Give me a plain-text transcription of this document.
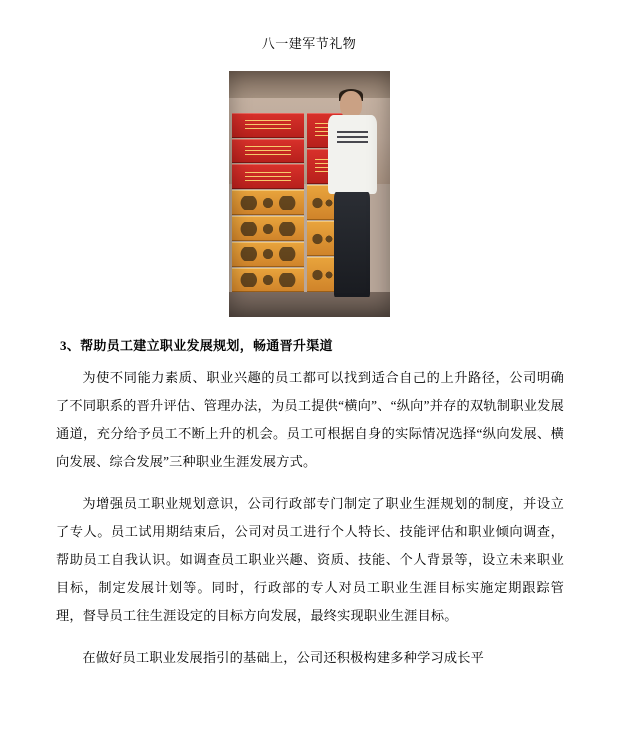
八一建军节礼物
3、帮助员工建立职业发展规划，畅通晋升渠道

为使不同能力素质、职业兴趣的员工都可以找到适合自己的上升路径，公司明确了不同职系的晋升评估、管理办法，为员工提供“横向”、“纵向”并存的双轨制职业发展通道，充分给予员工不断上升的机会。员工可根据自身的实际情况选择“纵向发展、横向发展、综合发展”三种职业生涯发展方式。

为增强员工职业规划意识，公司行政部专门制定了职业生涯规划的制度，并设立了专人。员工试用期结束后，公司对员工进行个人特长、技能评估和职业倾向调查，帮助员工自我认识。如调查员工职业兴趣、资质、技能、个人背景等，设立未来职业目标，制定发展计划等。同时，行政部的专人对员工职业生涯目标实施定期跟踪管理，督导员工往生涯设定的目标方向发展，最终实现职业生涯目标。

在做好员工职业发展指引的基础上，公司还积极构建多种学习成长平
